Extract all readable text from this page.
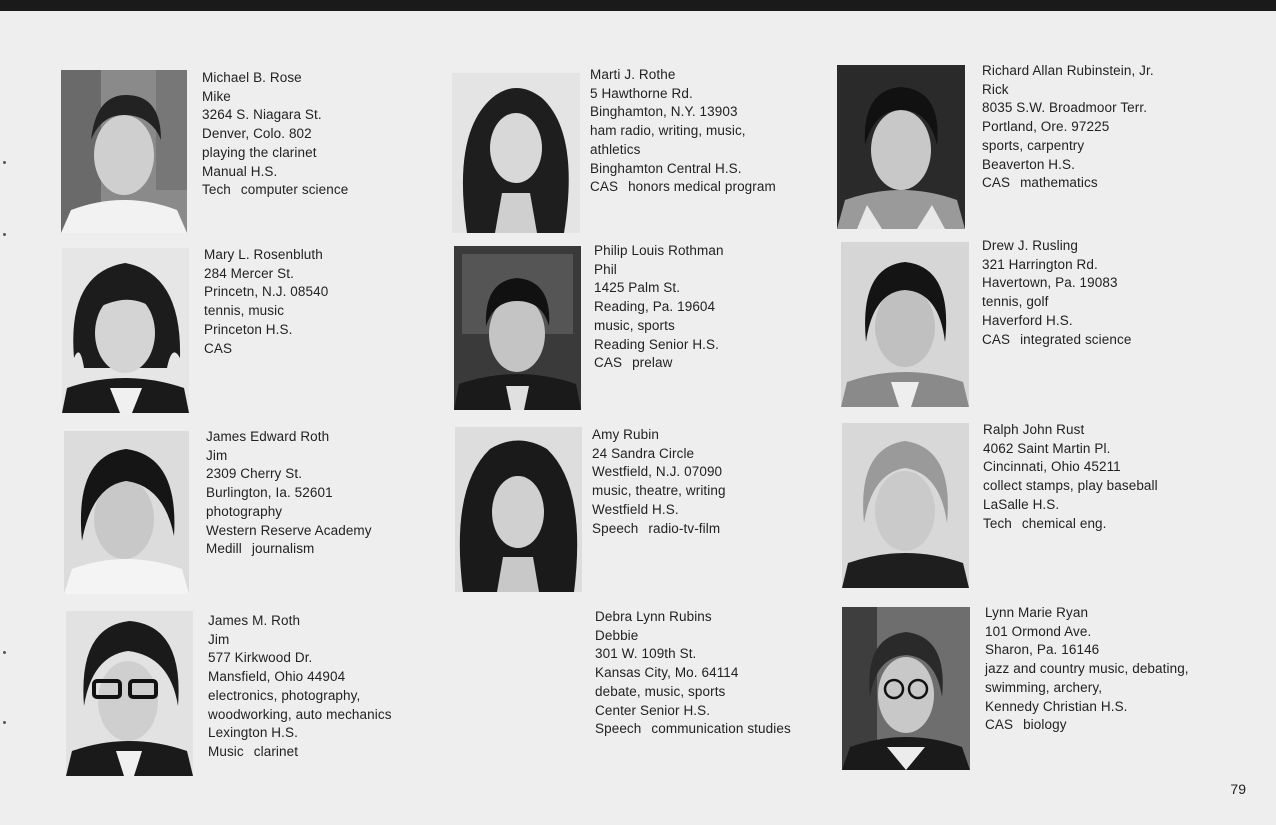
Michael B. Rose
Mike
3264 S. Niagara St.
Denver, Colo. 802
playing the clarinet
Manual H.S.
Tech computer science
Marti J. Rothe
5 Hawthorne Rd.
Binghamton, N.Y. 13903
ham radio, writing, music,
athletics
Binghamton Central H.S.
CAS honors medical program
Richard Allan Rubinstein, Jr.
Rick
8035 S.W. Broadmoor Terr.
Portland, Ore. 97225
sports, carpentry
Beaverton H.S.
CAS mathematics
Mary L. Rosenbluth
284 Mercer St.
Princetn, N.J. 08540
tennis, music
Princeton H.S.
CAS
Philip Louis Rothman
Phil
1425 Palm St.
Reading, Pa. 19604
music, sports
Reading Senior H.S.
CAS prelaw
Drew J. Rusling
321 Harrington Rd.
Havertown, Pa. 19083
tennis, golf
Haverford H.S.
CAS integrated science
James Edward Roth
Jim
2309 Cherry St.
Burlington, Ia. 52601
photography
Western Reserve Academy
Medill journalism
Amy Rubin
24 Sandra Circle
Westfield, N.J. 07090
music, theatre, writing
Westfield H.S.
Speech radio-tv-film
Ralph John Rust
4062 Saint Martin Pl.
Cincinnati, Ohio 45211
collect stamps, play baseball
LaSalle H.S.
Tech chemical eng.
James M. Roth
Jim
577 Kirkwood Dr.
Mansfield, Ohio 44904
electronics, photography,
woodworking, auto mechanics
Lexington H.S.
Music clarinet
Debra Lynn Rubins
Debbie
301 W. 109th St.
Kansas City, Mo. 64114
debate, music, sports
Center Senior H.S.
Speech communication studies
Lynn Marie Ryan
101 Ormond Ave.
Sharon, Pa. 16146
jazz and country music, debating,
swimming, archery,
Kennedy Christian H.S.
CAS biology
79
